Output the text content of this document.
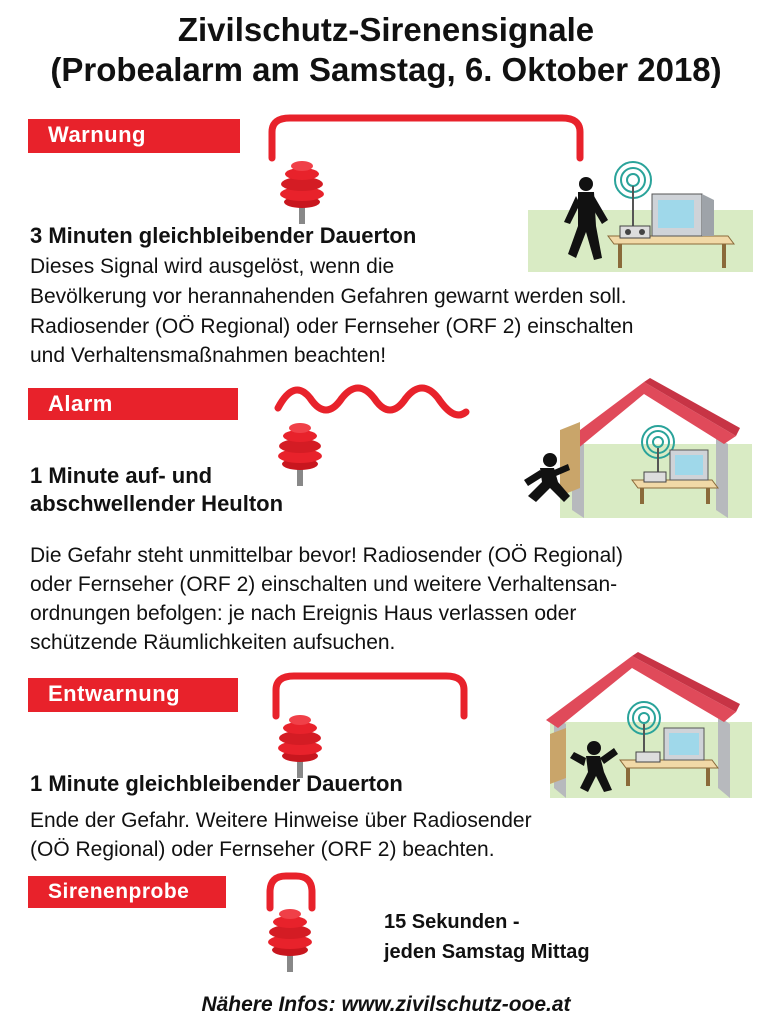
Zivilschutz-Sirenensignale
(Probealarm am Samstag, 6. Oktober 2018)
Warnung
3 Minuten gleichbleibender Dauerton
Dieses Signal wird ausgelöst, wenn die
Bevölkerung vor herannahenden Gefahren gewarnt werden soll.
Radiosender (OÖ Regional) oder Fernseher (ORF 2) einschalten
und Verhaltensmaßnahmen beachten!
Alarm
1 Minute auf- und
abschwellender Heulton
Die Gefahr steht unmittelbar bevor! Radiosender (OÖ Regional)
oder Fernseher (ORF 2) einschalten und weitere Verhaltensan-
ordnungen befolgen: je nach Ereignis Haus verlassen oder
schützende Räumlichkeiten aufsuchen.
Entwarnung
1 Minute gleichbleibender Dauerton
Ende der Gefahr. Weitere Hinweise über Radiosender
(OÖ Regional) oder Fernseher (ORF 2) beachten.
Sirenenprobe
15 Sekunden -
jeden Samstag Mittag
Nähere Infos: www.zivilschutz-ooe.at
